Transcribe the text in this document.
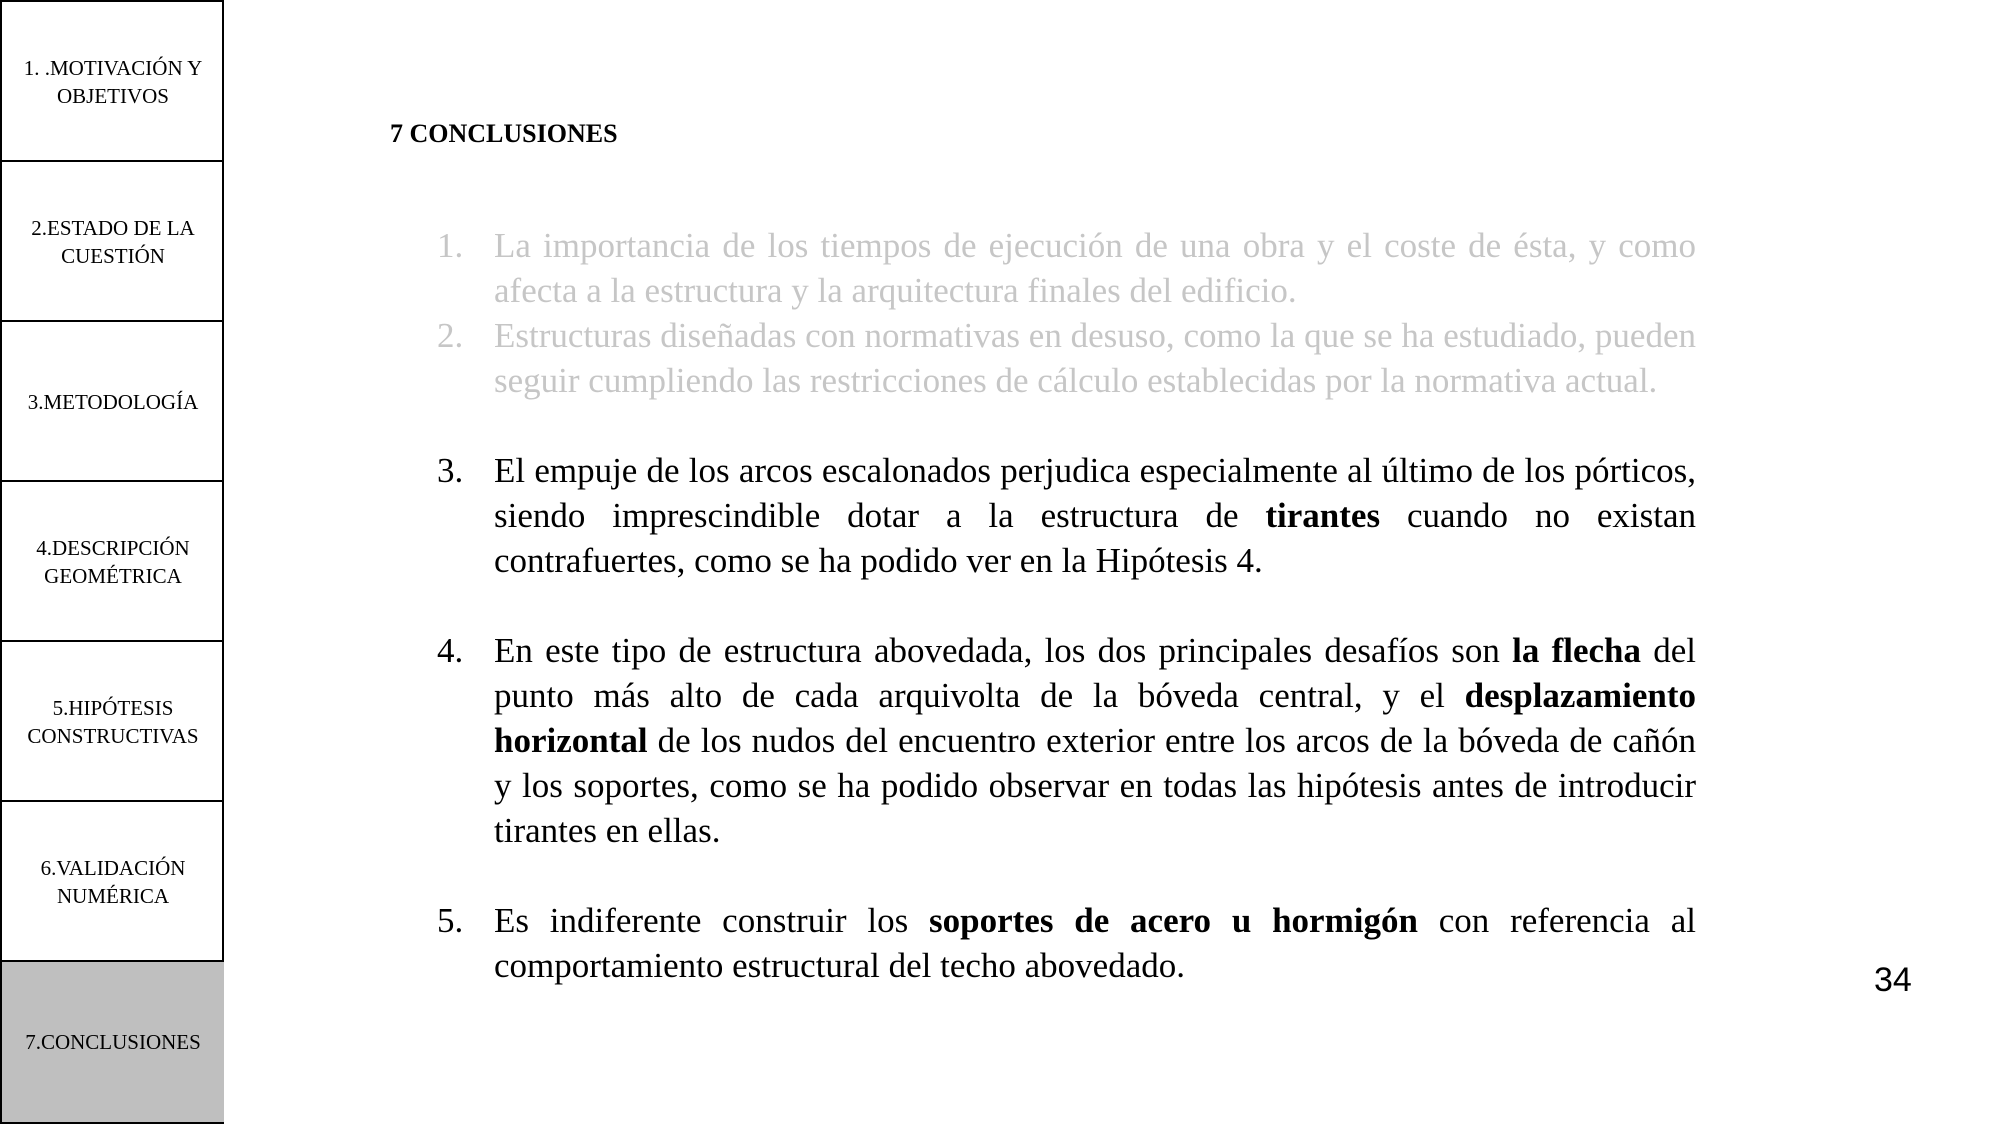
1. .MOTIVACIÓN Y OBJETIVOS
2.ESTADO DE LA CUESTIÓN
3.METODOLOGÍA
4.DESCRIPCIÓN GEOMÉTRICA
5.HIPÓTESIS CONSTRUCTIVAS
6.VALIDACIÓN NUMÉRICA
7.CONCLUSIONES
7 CONCLUSIONES

1. La importancia de los tiempos de ejecución de una obra y el coste de ésta, y como afecta a la estructura y la arquitectura finales del edificio.

2. Estructuras diseñadas con normativas en desuso, como la que se ha estudiado, pueden seguir cumpliendo las restricciones de cálculo establecidas por la normativa actual.

3. El empuje de los arcos escalonados perjudica especialmente al último de los pórticos, siendo imprescindible dotar a la estructura de tirantes cuando no existan contrafuertes, como se ha podido ver en la Hipótesis 4.

4. En este tipo de estructura abovedada, los dos principales desafíos son la flecha del punto más alto de cada arquivolta de la bóveda central, y el desplazamiento horizontal de los nudos del encuentro exterior entre los arcos de la bóveda de cañón y los soportes, como se ha podido observar en todas las hipótesis antes de introducir tirantes en ellas.

5. Es indiferente construir los soportes de acero u hormigón con referencia al comportamiento estructural del techo abovedado.	34
